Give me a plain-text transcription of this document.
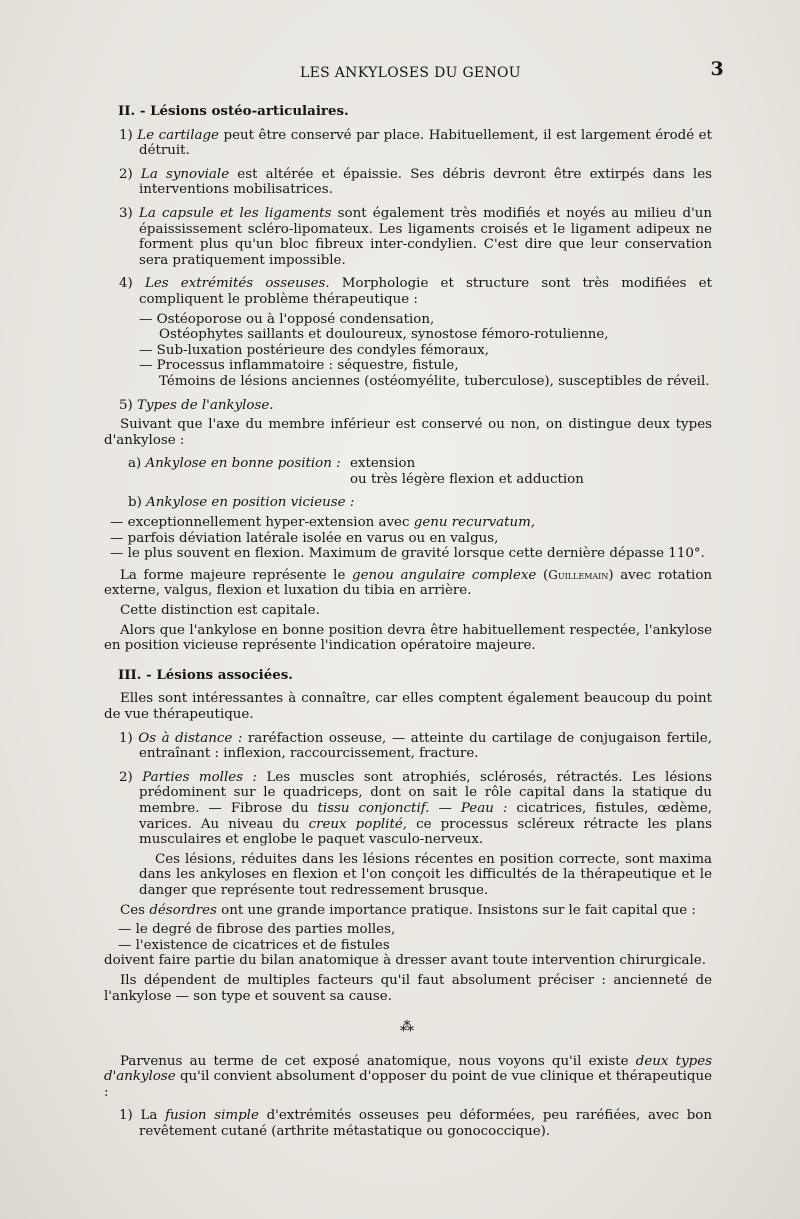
LES ANKYLOSES DU GENOU	3
II. - Lésions ostéo-articulaires.

1) Le cartilage peut être conservé par place. Habituellement, il est largement érodé et détruit.

2) La synoviale est altérée et épaissie. Ses débris devront être extirpés dans les interventions mobilisatrices.

3) La capsule et les ligaments sont également très modifiés et noyés au milieu d'un épaississement scléro-lipomateux. Les ligaments croisés et le ligament adipeux ne forment plus qu'un bloc fibreux inter-condylien. C'est dire que leur conservation sera pratiquement impossible.

4) Les extrémités osseuses. Morphologie et structure sont très modifiées et compliquent le problème thérapeutique :

— Ostéoporose ou à l'opposé condensation,

Ostéophytes saillants et douloureux, synostose fémoro-rotulienne,

— Sub-luxation postérieure des condyles fémoraux,

— Processus inflammatoire : séquestre, fistule,

Témoins de lésions anciennes (ostéomyélite, tuberculose), susceptibles de réveil.

5) Types de l'ankylose.

Suivant que l'axe du membre inférieur est conservé ou non, on distingue deux types d'ankylose :

a) Ankylose en bonne position : extension
ou très légère flexion et adduction

b) Ankylose en position vicieuse :

— exceptionnellement hyper-extension avec genu recurvatum,

— parfois déviation latérale isolée en varus ou en valgus,

— le plus souvent en flexion. Maximum de gravité lorsque cette dernière dépasse 110°.

La forme majeure représente le genou angulaire complexe (Guillemain) avec rotation externe, valgus, flexion et luxation du tibia en arrière.

Cette distinction est capitale.

Alors que l'ankylose en bonne position devra être habituellement respectée, l'ankylose en position vicieuse représente l'indication opératoire majeure.

III. - Lésions associées.

Elles sont intéressantes à connaître, car elles comptent également beaucoup du point de vue thérapeutique.

1) Os à distance : raréfaction osseuse, — atteinte du cartilage de conjugaison fertile, entraînant : inflexion, raccourcissement, fracture.

2) Parties molles : Les muscles sont atrophiés, sclérosés, rétractés. Les lésions prédominent sur le quadriceps, dont on sait le rôle capital dans la statique du membre. — Fibrose du tissu conjonctif. — Peau : cicatrices, fistules, œdème, varices. Au niveau du creux poplité, ce processus scléreux rétracte les plans musculaires et englobe le paquet vasculo-nerveux.

Ces lésions, réduites dans les lésions récentes en position correcte, sont maxima dans les ankyloses en flexion et l'on conçoit les difficultés de la thérapeutique et le danger que représente tout redressement brusque.

Ces désordres ont une grande importance pratique. Insistons sur le fait capital que :

— le degré de fibrose des parties molles,

— l'existence de cicatrices et de fistules

doivent faire partie du bilan anatomique à dresser avant toute intervention chirurgicale.

Ils dépendent de multiples facteurs qu'il faut absolument préciser : ancienneté de l'ankylose — son type et souvent sa cause.

⁂

Parvenus au terme de cet exposé anatomique, nous voyons qu'il existe deux types d'ankylose qu'il convient absolument d'opposer du point de vue clinique et thérapeutique :

1) La fusion simple d'extrémités osseuses peu déformées, peu raréfiées, avec bon revêtement cutané (arthrite métastatique ou gonococcique).
